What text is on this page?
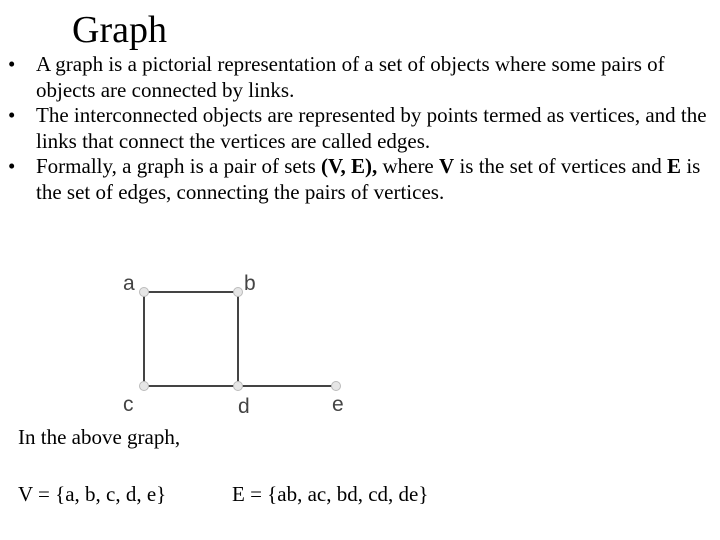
Graph
• A graph is a pictorial representation of a set of objects where some pairs of objects are connected by links.
• The interconnected objects are represented by points termed as vertices, and the links that connect the vertices are called edges.
• Formally, a graph is a pair of sets (V, E), where V is the set of vertices and E is the set of edges, connecting the pairs of vertices.
a	b
c	d	e
In the above graph,
V = {a, b, c, d, e}	E = {ab, ac, bd, cd, de}
